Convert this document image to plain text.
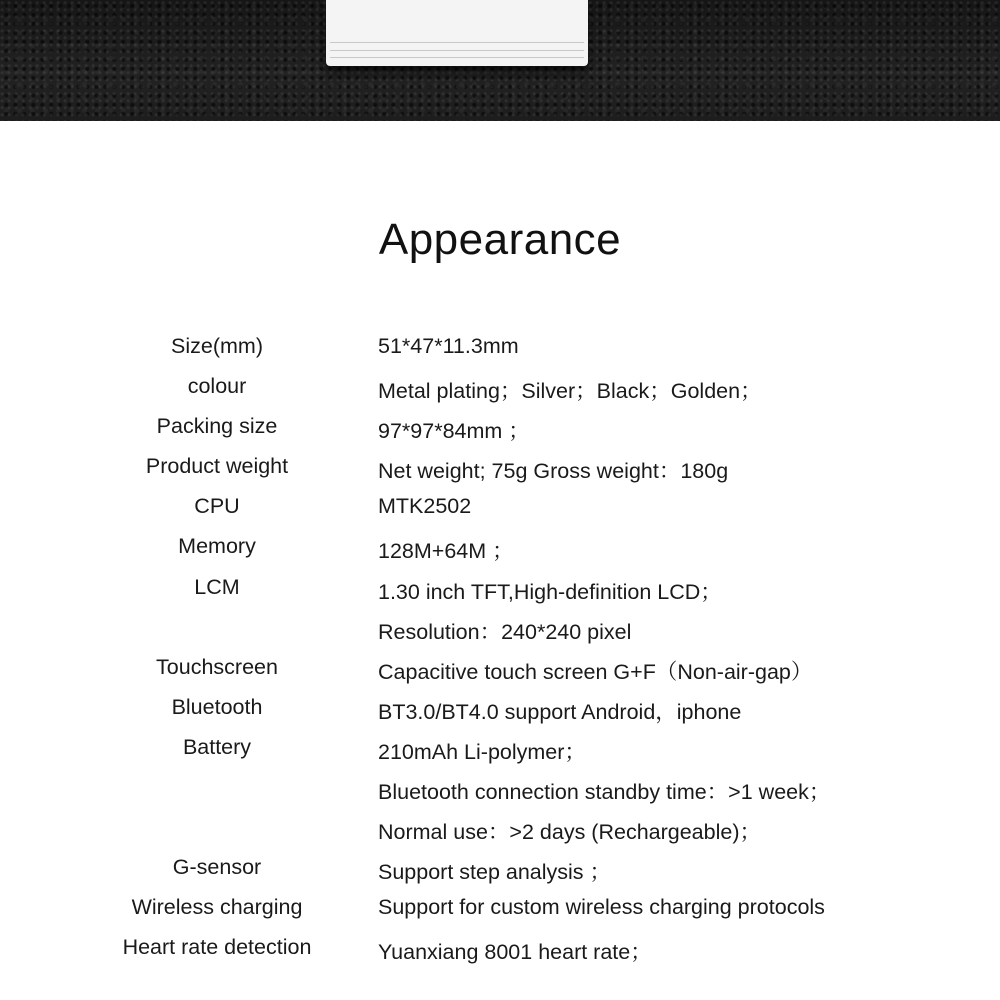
Appearance
Size(mm)	51*47*11.3mm
colour	Metal plating；Silver；Black；Golden；
Packing size	97*97*84mm ；
Product weight	Net weight; 75g Gross weight：180g
CPU	MTK2502
Memory	128M+64M ；
LCM	1.30 inch TFT,High-definition LCD；
Resolution：240*240 pixel
Touchscreen	Capacitive touch screen G+F（Non-air-gap）
Bluetooth	BT3.0/BT4.0 support Android，iphone
Battery	210mAh Li-polymer；
Bluetooth connection standby time：>1 week；
Normal use：>2 days (Rechargeable)；
G-sensor	Support step analysis ；
Wireless charging	Support for custom wireless charging protocols
Heart rate detection	Yuanxiang 8001 heart rate；
